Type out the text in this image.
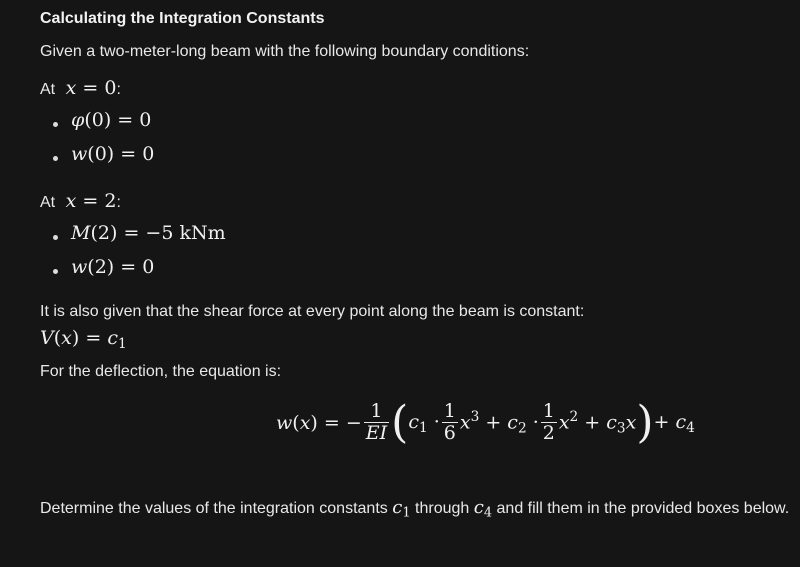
Calculating the Integration Constants
Given a two-meter-long beam with the following boundary conditions:
At  x = 0:
φ(0) = 0
w(0) = 0
At  x = 2:
M(2) = −5 kNm
w(2) = 0
It is also given that the shear force at every point along the beam is constant:
$V(x) = c_1$
For the deflection, the equation is:
w(x) = − $\frac{1}{EI}$ ( $c_1 \cdot \frac{1}{6} x^3 + c_2 \cdot \frac{1}{2} x^2 + c_3x$ ) + $c_4$
Determine the values of the integration constants $c_1$ through $c_4$ and fill them in the provided boxes below.
